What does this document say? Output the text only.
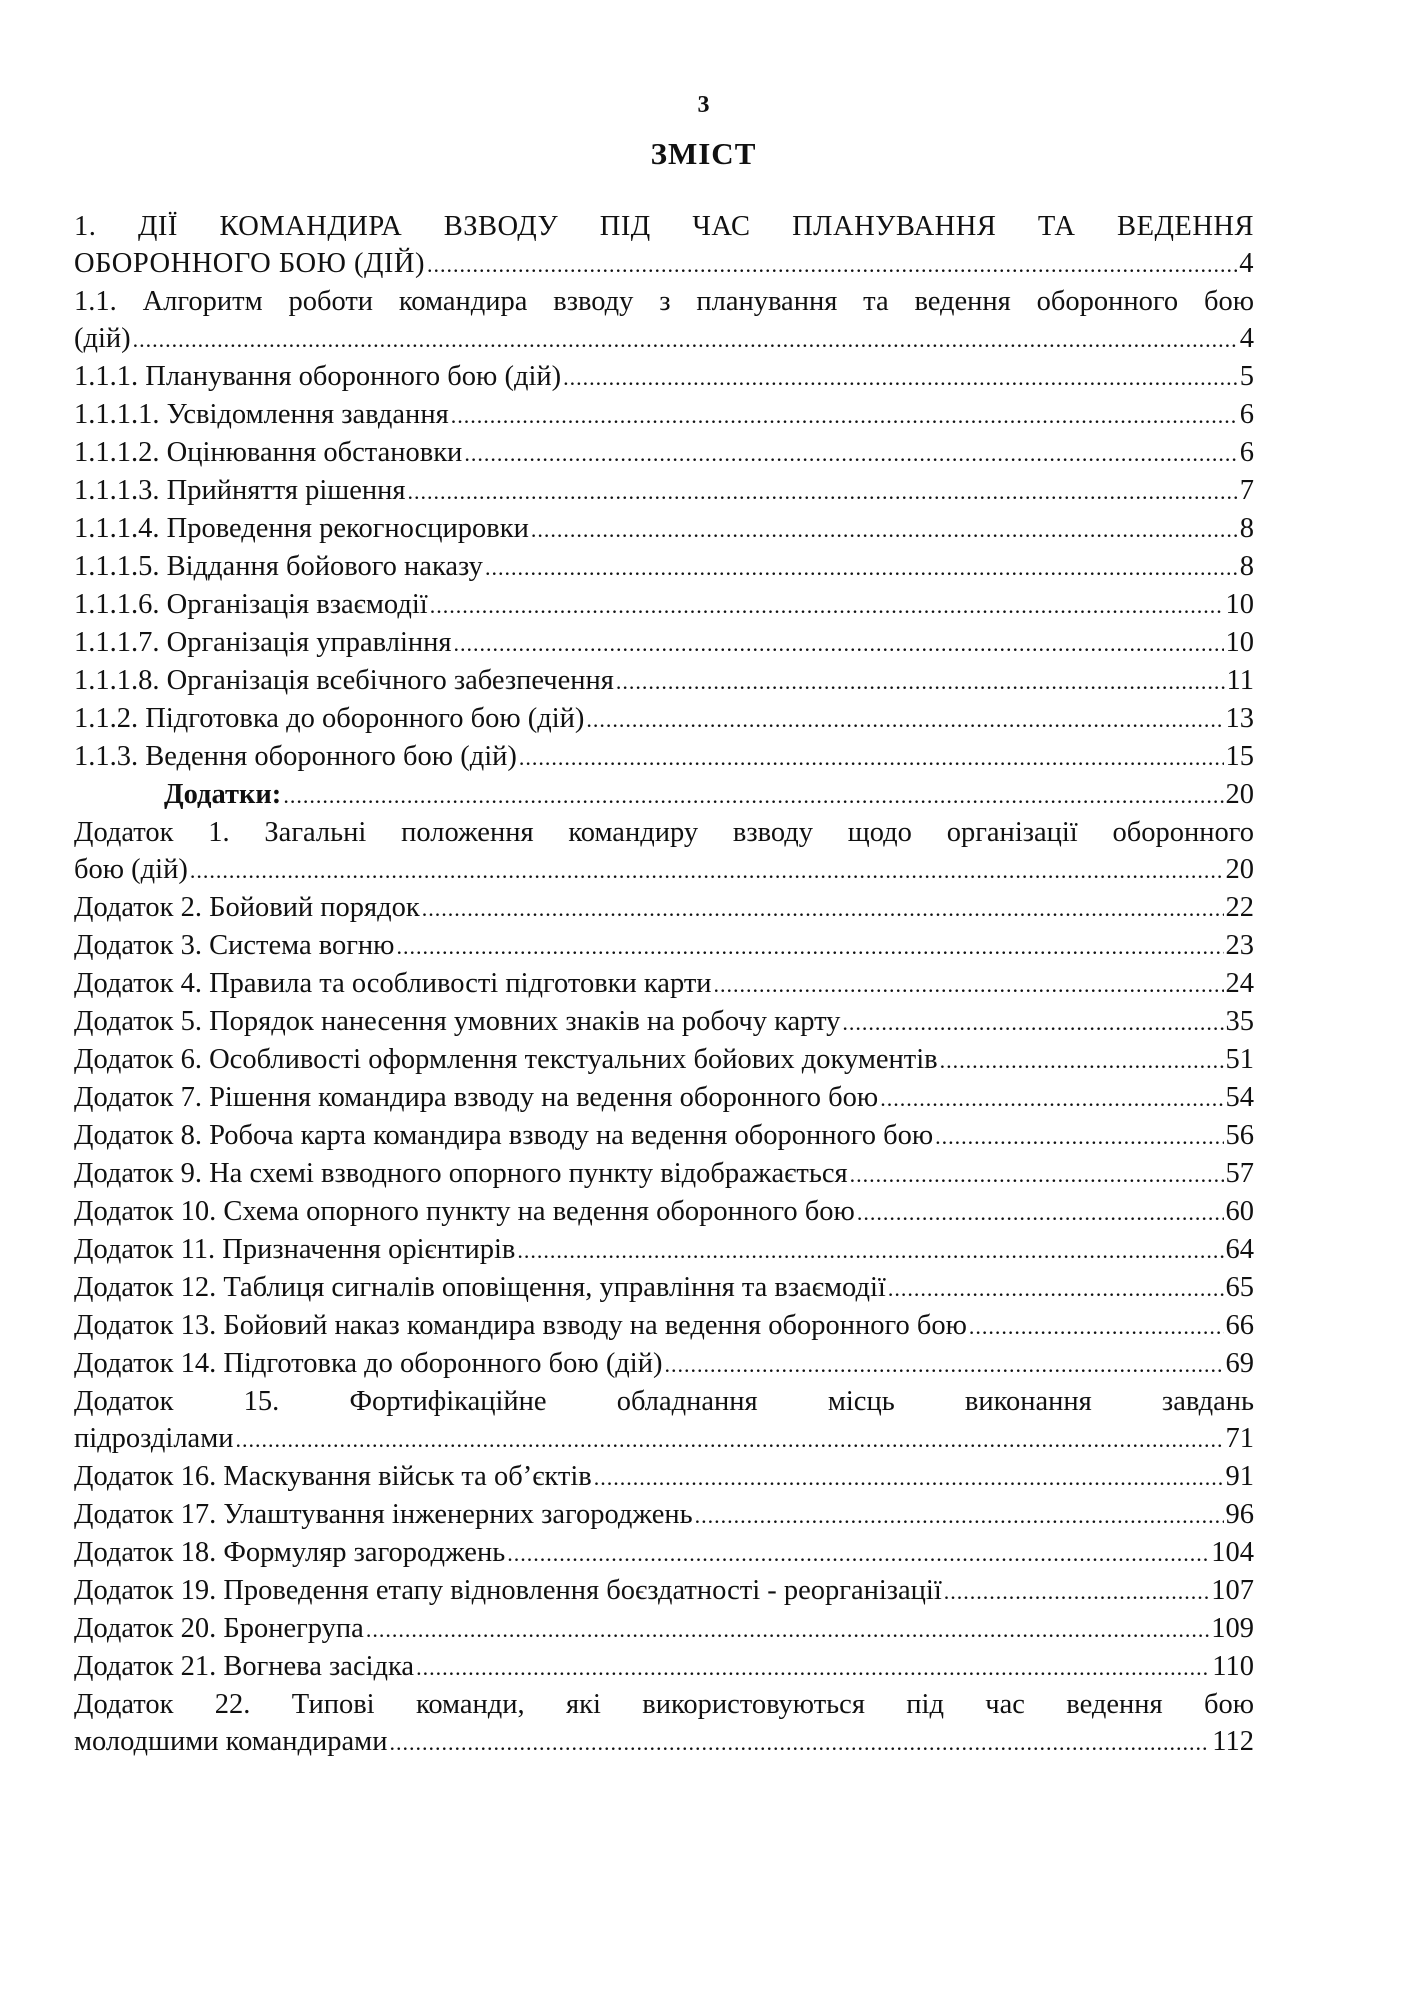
3
ЗМІСТ
1. ДІЇ КОМАНДИРА ВЗВОДУ ПІД ЧАС ПЛАНУВАННЯ ТА ВЕДЕННЯ
ОБОРОННОГО БОЮ (ДІЙ) .....	4
1.1. Алгоритм роботи командира взводу з планування та ведення оборонного бою
(дій) .....	4
1.1.1. Планування оборонного бою (дій) .....	5
1.1.1.1. Усвідомлення завдання .....	6
1.1.1.2. Оцінювання обстановки .....	6
1.1.1.3. Прийняття рішення .....	7
1.1.1.4. Проведення рекогносцировки .....	8
1.1.1.5. Віддання бойового наказу .....	8
1.1.1.6. Організація взаємодії .....	10
1.1.1.7. Організація управління .....	10
1.1.1.8. Організація всебічного забезпечення .....	11
1.1.2. Підготовка до оборонного бою (дій) .....	13
1.1.3. Ведення оборонного бою (дій) .....	15
Додатки: .....	20
Додаток 1. Загальні положення командиру взводу щодо організації оборонного
бою (дій) .....	20
Додаток 2. Бойовий порядок .....	22
Додаток 3. Система вогню .....	23
Додаток 4. Правила та особливості підготовки карти .....	24
Додаток 5. Порядок нанесення умовних знаків на робочу карту .....	35
Додаток 6. Особливості оформлення текстуальних бойових документів .....	51
Додаток 7. Рішення командира взводу на ведення оборонного бою .....	54
Додаток 8. Робоча карта командира взводу на ведення оборонного бою .....	56
Додаток 9. На схемі взводного опорного пункту відображається .....	57
Додаток 10. Схема опорного пункту на ведення оборонного бою .....	60
Додаток 11. Призначення орієнтирів .....	64
Додаток 12. Таблиця сигналів оповіщення, управління та взаємодії .....	65
Додаток 13. Бойовий наказ командира взводу на ведення оборонного бою .....	66
Додаток 14. Підготовка до оборонного бою (дій) .....	69
Додаток 15. Фортифікаційне обладнання місць виконання завдань
підрозділами .....	71
Додаток 16. Маскування військ та об’єктів .....	91
Додаток 17. Улаштування інженерних загороджень .....	96
Додаток 18. Формуляр загороджень .....	104
Додаток 19. Проведення етапу відновлення боєздатності - реорганізації .....	107
Додаток 20. Бронегрупа .....	109
Додаток 21. Вогнева засідка .....	110
Додаток 22. Типові команди, які використовуються під час ведення бою
молодшими командирами .....	112
